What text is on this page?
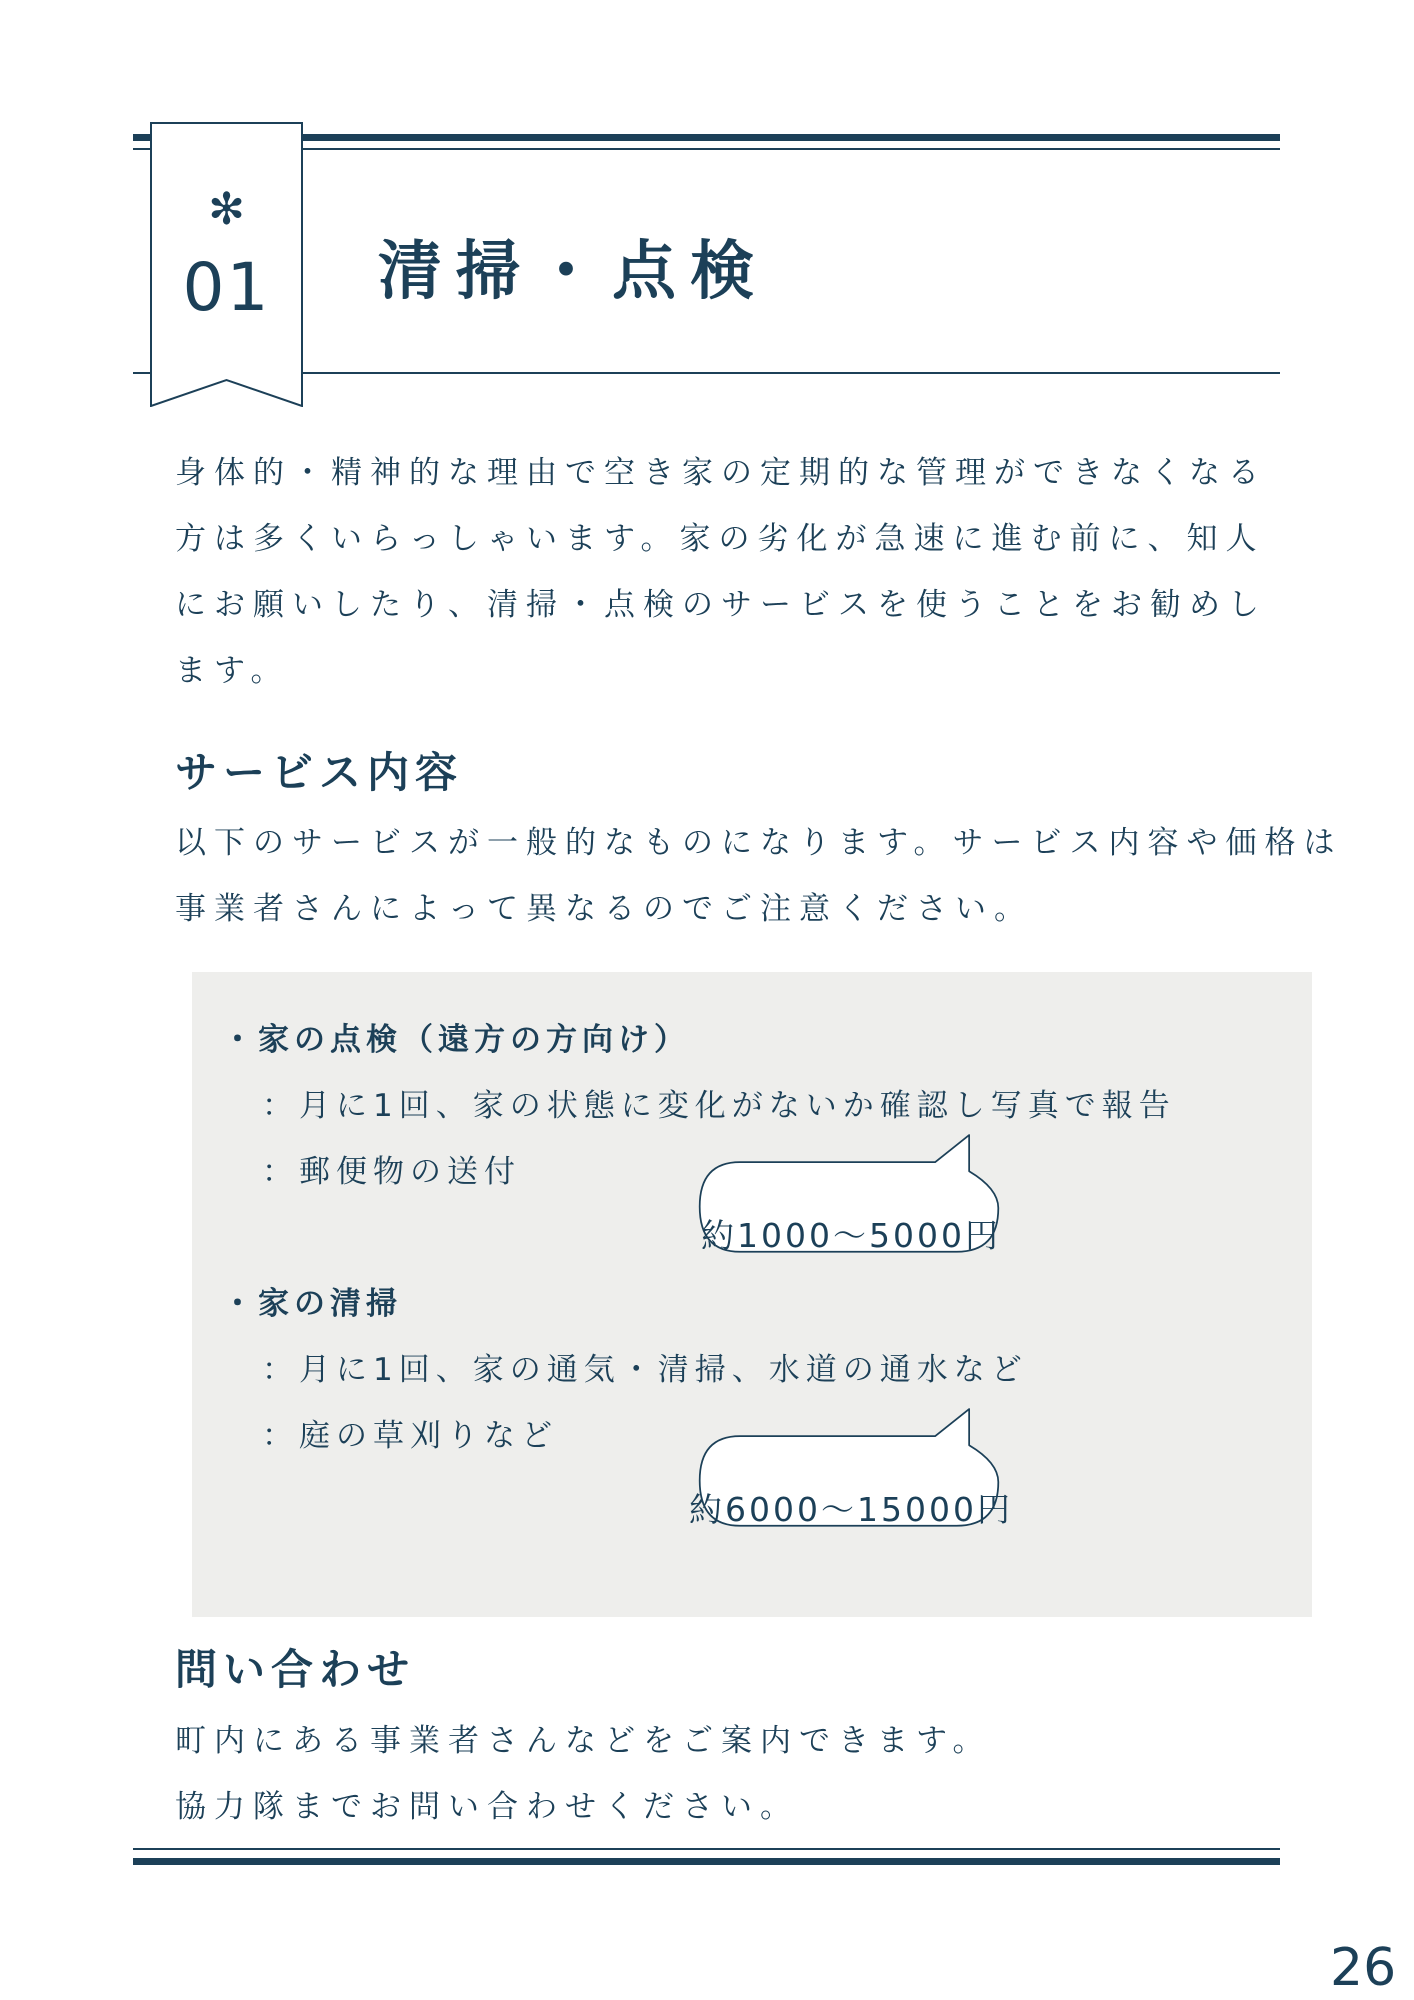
✻
01	清掃・点検
身体的・精神的な理由で空き家の定期的な管理ができなくなる
方は多くいらっしゃいます。家の劣化が急速に進む前に、知人
にお願いしたり、清掃・点検のサービスを使うことをお勧めし
ます。
サービス内容
以下のサービスが一般的なものになります。サービス内容や価格は
事業者さんによって異なるのでご注意ください。
・家の点検（遠方の方向け）
：月に1回、家の状態に変化がないか確認し写真で報告
：郵便物の送付
約1000〜5000円
・家の清掃
：月に1回、家の通気・清掃、水道の通水など
：庭の草刈りなど
約6000〜15000円
問い合わせ
町内にある事業者さんなどをご案内できます。
協力隊までお問い合わせください。
26
